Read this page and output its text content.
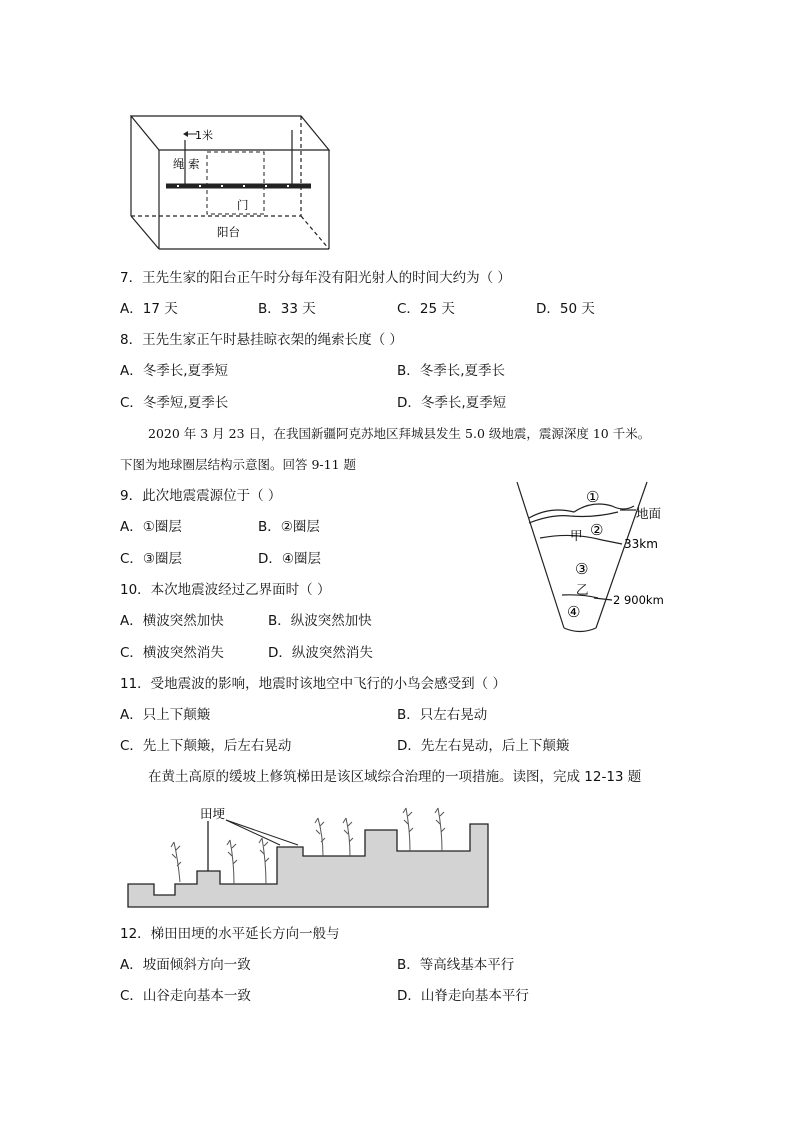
1米
绳 索
门
阳台
7．王先生家的阳台正午时分每年没有阳光射人的时间大约为（ ）
A．17 天	B．33 天	C．25 天	D．50 天
8．王先生家正午时悬挂晾衣架的绳索长度（ ）
A．冬季长,夏季短	B．冬季长,夏季长
C．冬季短,夏季长	D．冬季长,夏季短
2020 年 3 月 23 日，在我国新疆阿克苏地区拜城县发生 5.0 级地震，震源深度 10 千米。
下图为地球圈层结构示意图。回答 9-11 题
①
②
③
④
地面
甲
乙
33km
2 900km
9．此次地震震源位于（ ）
A．①圈层	B．②圈层
C．③圈层	D．④圈层
10．本次地震波经过乙界面时（ ）
A．横波突然加快	B．纵波突然加快
C．横波突然消失	D．纵波突然消失
11．受地震波的影响，地震时该地空中飞行的小鸟会感受到（ ）
A．只上下颠簸	B．只左右晃动
C．先上下颠簸，后左右晃动	D．先左右晃动，后上下颠簸
在黄土高原的缓坡上修筑梯田是该区域综合治理的一项措施。读图，完成 12-13 题
田埂
12．梯田田埂的水平延长方向一般与
A．坡面倾斜方向一致	B．等高线基本平行
C．山谷走向基本一致	D．山脊走向基本平行
